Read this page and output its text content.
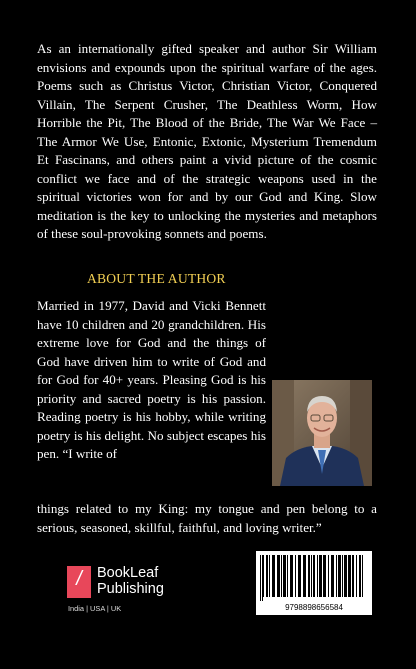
As an internationally gifted speaker and author Sir William envisions and expounds upon the spiritual warfare of the ages. Poems such as Christus Victor, Christian Victor, Conquered Villain, The Serpent Crusher, The Deathless Worm, How Horrible the Pit, The Blood of the Bride, The War We Face – The Armor We Use, Entonic, Extonic, Mysterium Tremendum Et Fascinans, and others paint a vivid picture of the cosmic conflict we face and of the strategic weapons used in the spiritual victories won for and by our God and King. Slow meditation is the key to unlocking the mysteries and metaphors of these soul-provoking sonnets and poems.

ABOUT THE AUTHOR

Married in 1977, David and Vicki Bennett have 10 children and 20 grandchildren. His extreme love for God and the things of God have driven him to write of God and for God for 40+ years. Pleasing God is his priority and sacred poetry is his passion. Reading poetry is his hobby, while writing poetry is his delight. No subject escapes his pen. “I write of

things related to my King: my tongue and pen belong to a serious, seasoned, skillful, faithful, and loving writer.”

/	BookLeaf
Publishing

India | USA | UK	9798898656584
